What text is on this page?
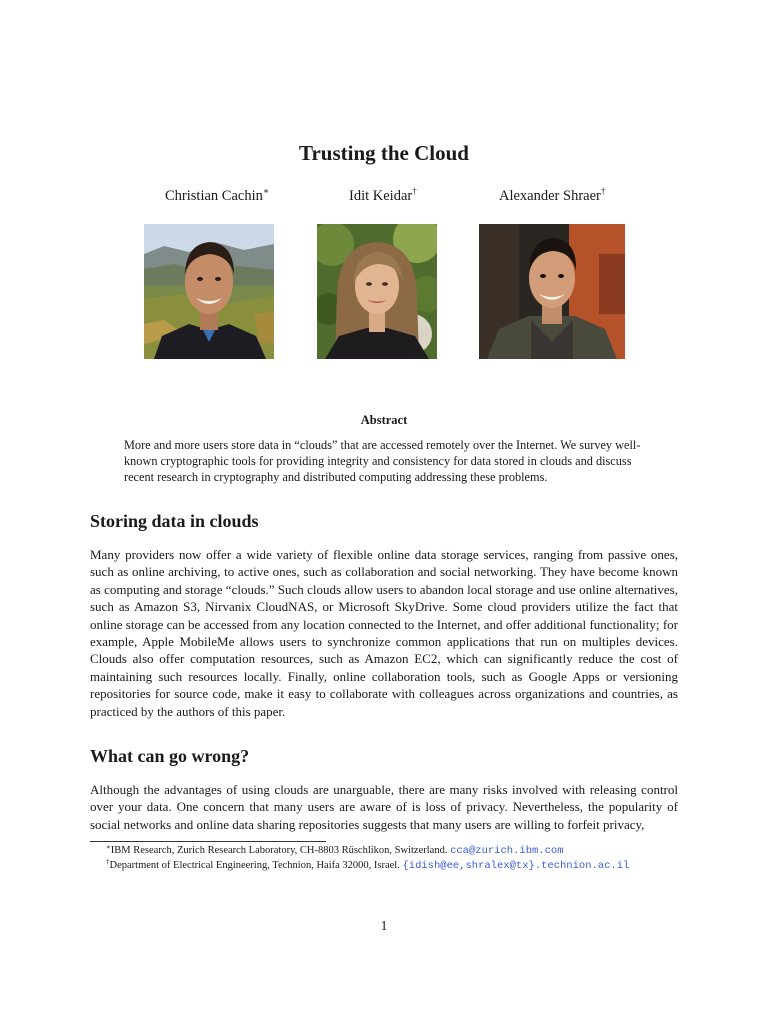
Trusting the Cloud
Christian Cachin∗	Idit Keidar†	Alexander Shraer†
Abstract

More and more users store data in “clouds” that are accessed remotely over the Internet. We survey well-known cryptographic tools for providing integrity and consistency for data stored in clouds and discuss recent research in cryptography and distributed computing addressing these problems.

Storing data in clouds

Many providers now offer a wide variety of flexible online data storage services, ranging from passive ones, such as online archiving, to active ones, such as collaboration and social networking. They have become known as computing and storage “clouds.” Such clouds allow users to abandon local storage and use online alternatives, such as Amazon S3, Nirvanix CloudNAS, or Microsoft SkyDrive. Some cloud providers utilize the fact that online storage can be accessed from any location connected to the Internet, and offer additional functionality; for example, Apple MobileMe allows users to synchronize common applications that run on multiples devices. Clouds also offer computation resources, such as Amazon EC2, which can significantly reduce the cost of maintaining such resources locally. Finally, online collaboration tools, such as Google Apps or versioning repositories for source code, make it easy to collaborate with colleagues across organizations and countries, as practiced by the authors of this paper.

What can go wrong?

Although the advantages of using clouds are unarguable, there are many risks involved with releasing control over your data. One concern that many users are aware of is loss of privacy. Nevertheless, the popularity of social networks and online data sharing repositories suggests that many users are willing to forfeit privacy,

∗IBM Research, Zurich Research Laboratory, CH-8803 Rüschlikon, Switzerland. cca@zurich.ibm.com

†Department of Electrical Engineering, Technion, Haifa 32000, Israel. {idish@ee,shralex@tx}.technion.ac.il

1
